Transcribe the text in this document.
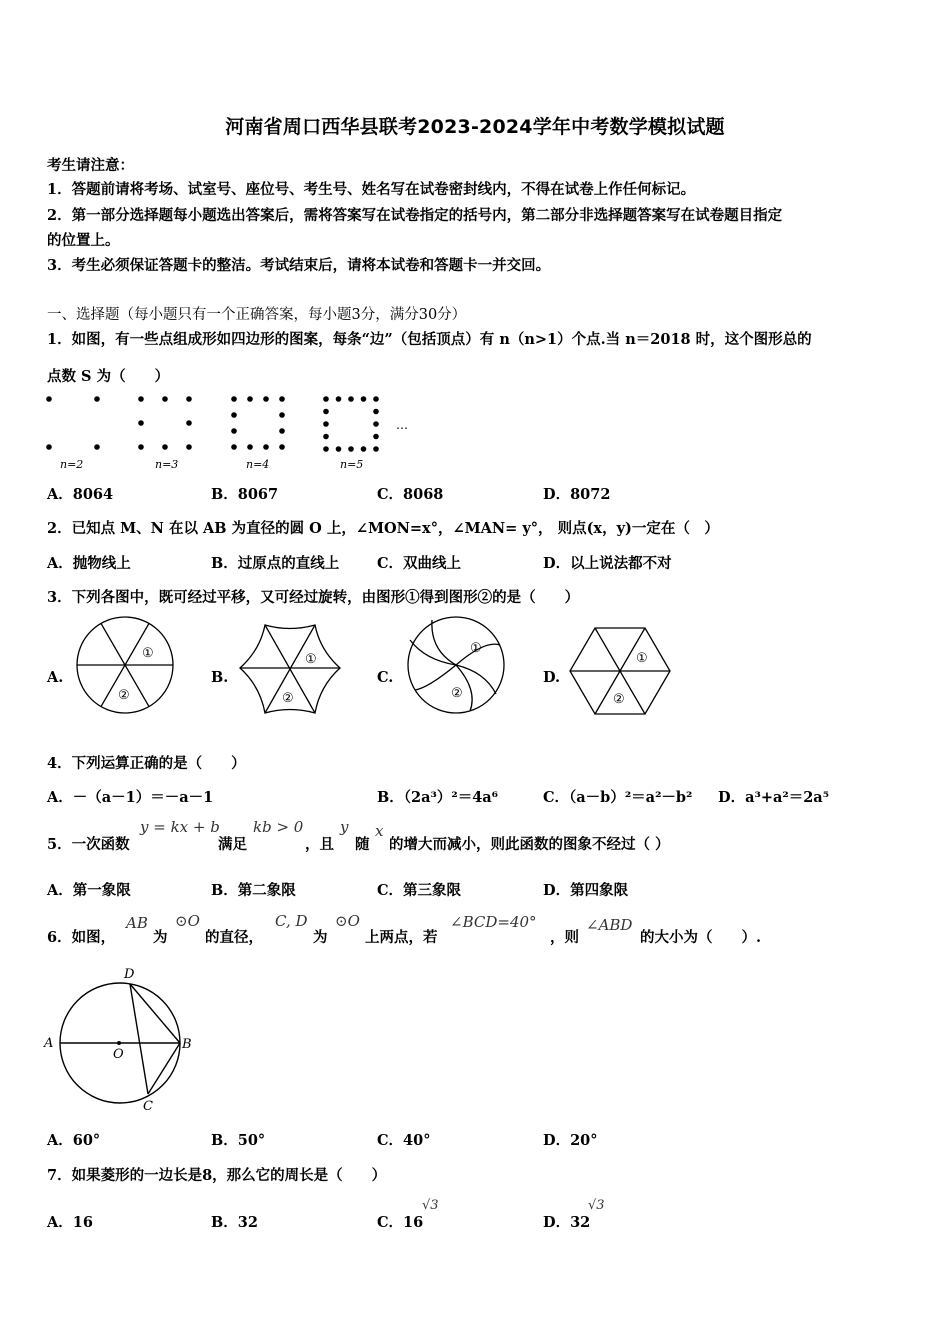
河南省周口西华县联考2023-2024学年中考数学模拟试题
考生请注意：
1．答题前请将考场、试室号、座位号、考生号、姓名写在试卷密封线内，不得在试卷上作任何标记。
2．第一部分选择题每小题选出答案后，需将答案写在试卷指定的括号内，第二部分非选择题答案写在试卷题目指定
的位置上。
3．考生必须保证答题卡的整洁。考试结束后，请将本试卷和答题卡一并交回。
一、选择题（每小题只有一个正确答案，每小题3分，满分30分）
1．如图，有一些点组成形如四边形的图案，每条“边”（包括顶点）有 n（n>1）个点.当 n＝2018 时，这个图形总的
点数 S 为（　　）
…
n=2	n=3	n=4	n=5
A．8064	B．8067	C．8068	D．8072
2．已知点 M、N 在以 AB 为直径的圆 O 上，∠MON=x°，∠MAN= y°， 则点(x，y)一定在（　）
A．抛物线上	B．过原点的直线上	C．双曲线上	D．以上说法都不对
3．下列各图中，既可经过平移，又可经过旋转，由图形①得到图形②的是（　　）
A.	B.	C.	D.
①
②
①
②
①
②
①
②
4．下列运算正确的是（　　）
A．－（a－1）＝－a－1	B．（2a³）²＝4a⁶	C．（a－b）²＝a²－b² D．a³+a²＝2a⁵
5．一次函数
y = kx + b
满足
kb > 0
，且
y
随
x
的增大而减小，则此函数的图象不经过（ ）
A．第一象限	B．第二象限	C．第三象限	D．第四象限
6．如图，
AB
为
⊙O
的直径，
C, D
为
⊙O
上两点，若
∠BCD=40°
，则
∠ABD
的大小为（　　）.
D
A	B
O
C
A．60°	B．50°	C．40°	D．20°
7．如果菱形的一边长是8，那么它的周长是（　　）
A．16	B．32	C．16
√3
D．32
√3
